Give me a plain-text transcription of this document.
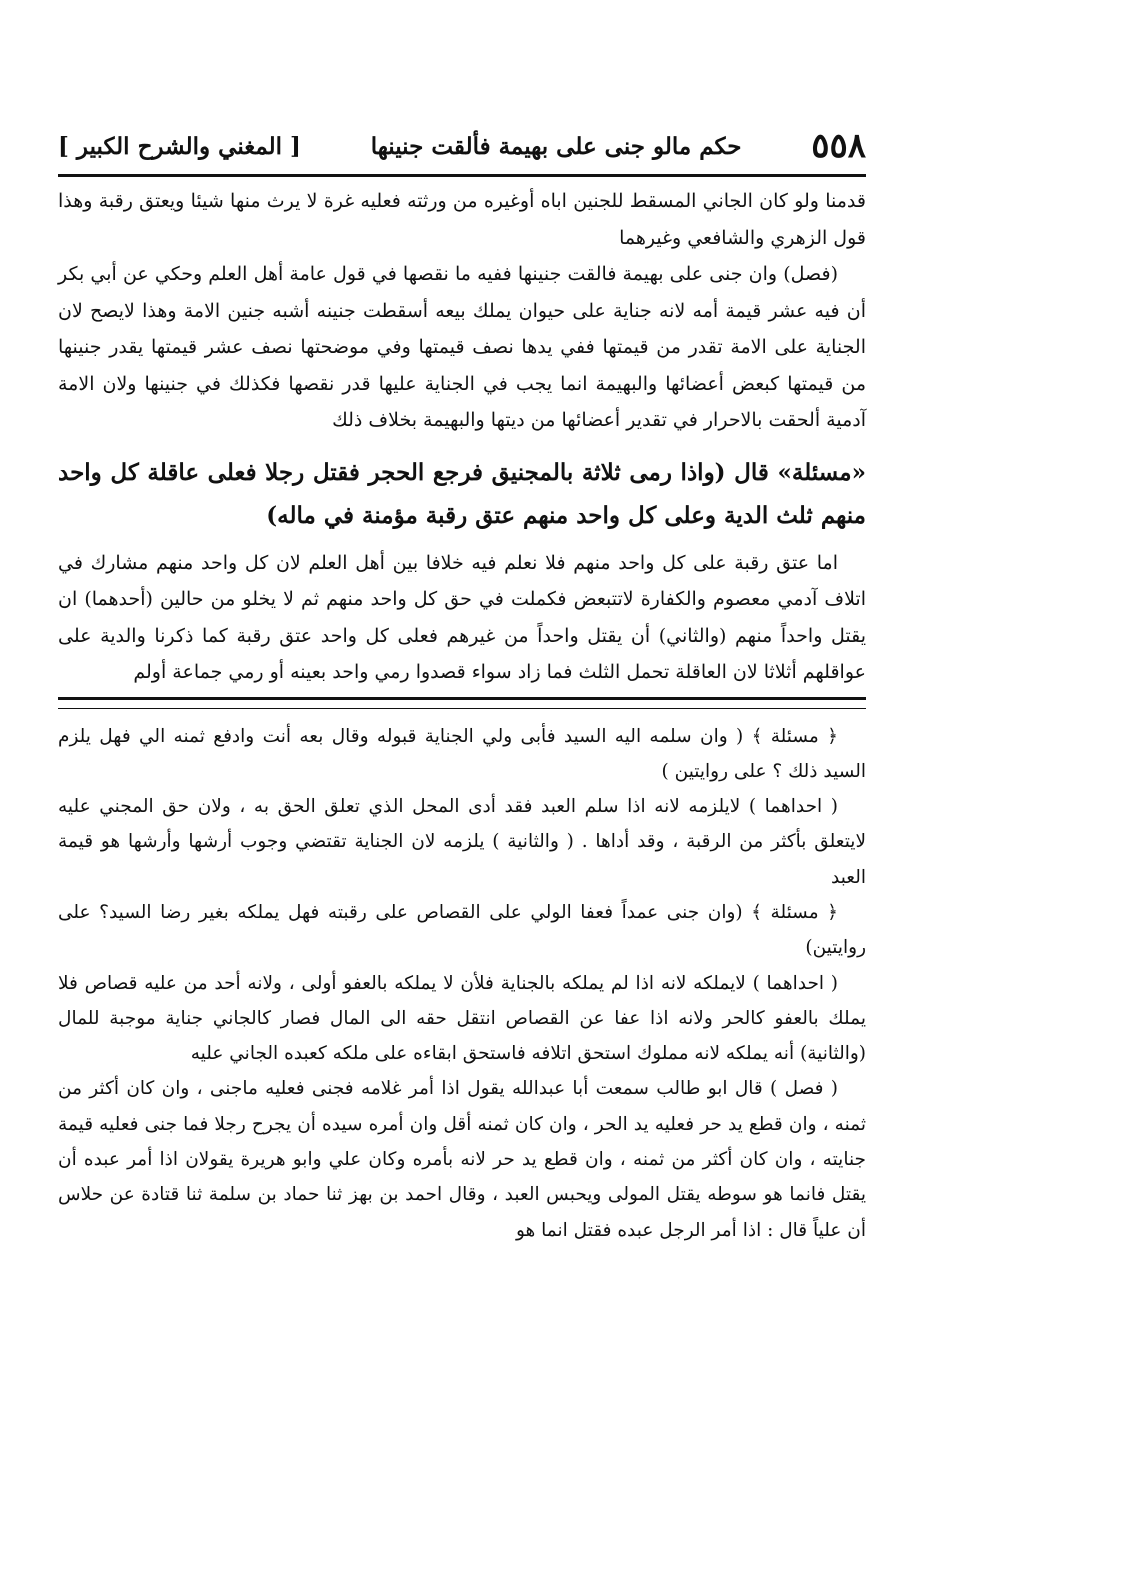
٥٥٨
حكم مالو جنى على بهيمة فألقت جنينها
[ المغني والشرح الكبير ]

قدمنا ولو كان الجاني المسقط للجنين اباه أوغيره من ورثته فعليه غرة لا يرث منها شيئا ويعتق رقبة وهذا قول الزهري والشافعي وغيرهما

(فصل) وان جنى على بهيمة فالقت جنينها ففيه ما نقصها في قول عامة أهل العلم وحكي عن أبي بكر أن فيه عشر قيمة أمه لانه جناية على حيوان يملك بيعه أسقطت جنينه أشبه جنين الامة وهذا لايصح لان الجناية على الامة تقدر من قيمتها ففي يدها نصف قيمتها وفي موضحتها نصف عشر قيمتها يقدر جنينها من قيمتها كبعض أعضائها والبهيمة انما يجب في الجناية عليها قدر نقصها فكذلك في جنينها ولان الامة آدمية ألحقت بالاحرار في تقدير أعضائها من ديتها والبهيمة بخلاف ذلك

«مسئلة» قال (واذا رمى ثلاثة بالمجنيق فرجع الحجر فقتل رجلا فعلى عاقلة كل واحد منهم ثلث الدية وعلى كل واحد منهم عتق رقبة مؤمنة في ماله)

اما عتق رقبة على كل واحد منهم فلا نعلم فيه خلافا بين أهل العلم لان كل واحد منهم مشارك في اتلاف آدمي معصوم والكفارة لاتتبعض فكملت في حق كل واحد منهم ثم لا يخلو من حالين (أحدهما) ان يقتل واحداً منهم (والثاني) أن يقتل واحداً من غيرهم فعلى كل واحد عتق رقبة كما ذكرنا والدية على عواقلهم أثلاثا لان العاقلة تحمل الثلث فما زاد سواء قصدوا رمي واحد بعينه أو رمي جماعة أولم

﴿ مسئلة ﴾ ( وان سلمه اليه السيد فأبى ولي الجناية قبوله وقال بعه أنت وادفع ثمنه الي فهل يلزم السيد ذلك ؟ على روايتين )

( احداهما ) لايلزمه لانه اذا سلم العبد فقد أدى المحل الذي تعلق الحق به ، ولان حق المجني عليه لايتعلق بأكثر من الرقبة ، وقد أداها . ( والثانية ) يلزمه لان الجناية تقتضي وجوب أرشها وأرشها هو قيمة العبد

﴿ مسئلة ﴾ (وان جنى عمداً فعفا الولي على القصاص على رقبته فهل يملكه بغير رضا السيد؟ على روايتين)

( احداهما ) لايملكه لانه اذا لم يملكه بالجناية فلأن لا يملكه بالعفو أولى ، ولانه أحد من عليه قصاص فلا يملك بالعفو كالحر ولانه اذا عفا عن القصاص انتقل حقه الى المال فصار كالجاني جناية موجبة للمال (والثانية) أنه يملكه لانه مملوك استحق اتلافه فاستحق ابقاءه على ملكه كعبده الجاني عليه

( فصل ) قال ابو طالب سمعت أبا عبدالله يقول اذا أمر غلامه فجنى فعليه ماجنى ، وان كان أكثر من ثمنه ، وان قطع يد حر فعليه يد الحر ، وان كان ثمنه أقل وان أمره سيده أن يجرح رجلا فما جنى فعليه قيمة جنايته ، وان كان أكثر من ثمنه ، وان قطع يد حر لانه بأمره وكان علي وابو هريرة يقولان اذا أمر عبده أن يقتل فانما هو سوطه يقتل المولى ويحبس العبد ، وقال احمد بن بهز ثنا حماد بن سلمة ثنا قتادة عن حلاس أن علياً قال : اذا أمر الرجل عبده فقتل انما هو
